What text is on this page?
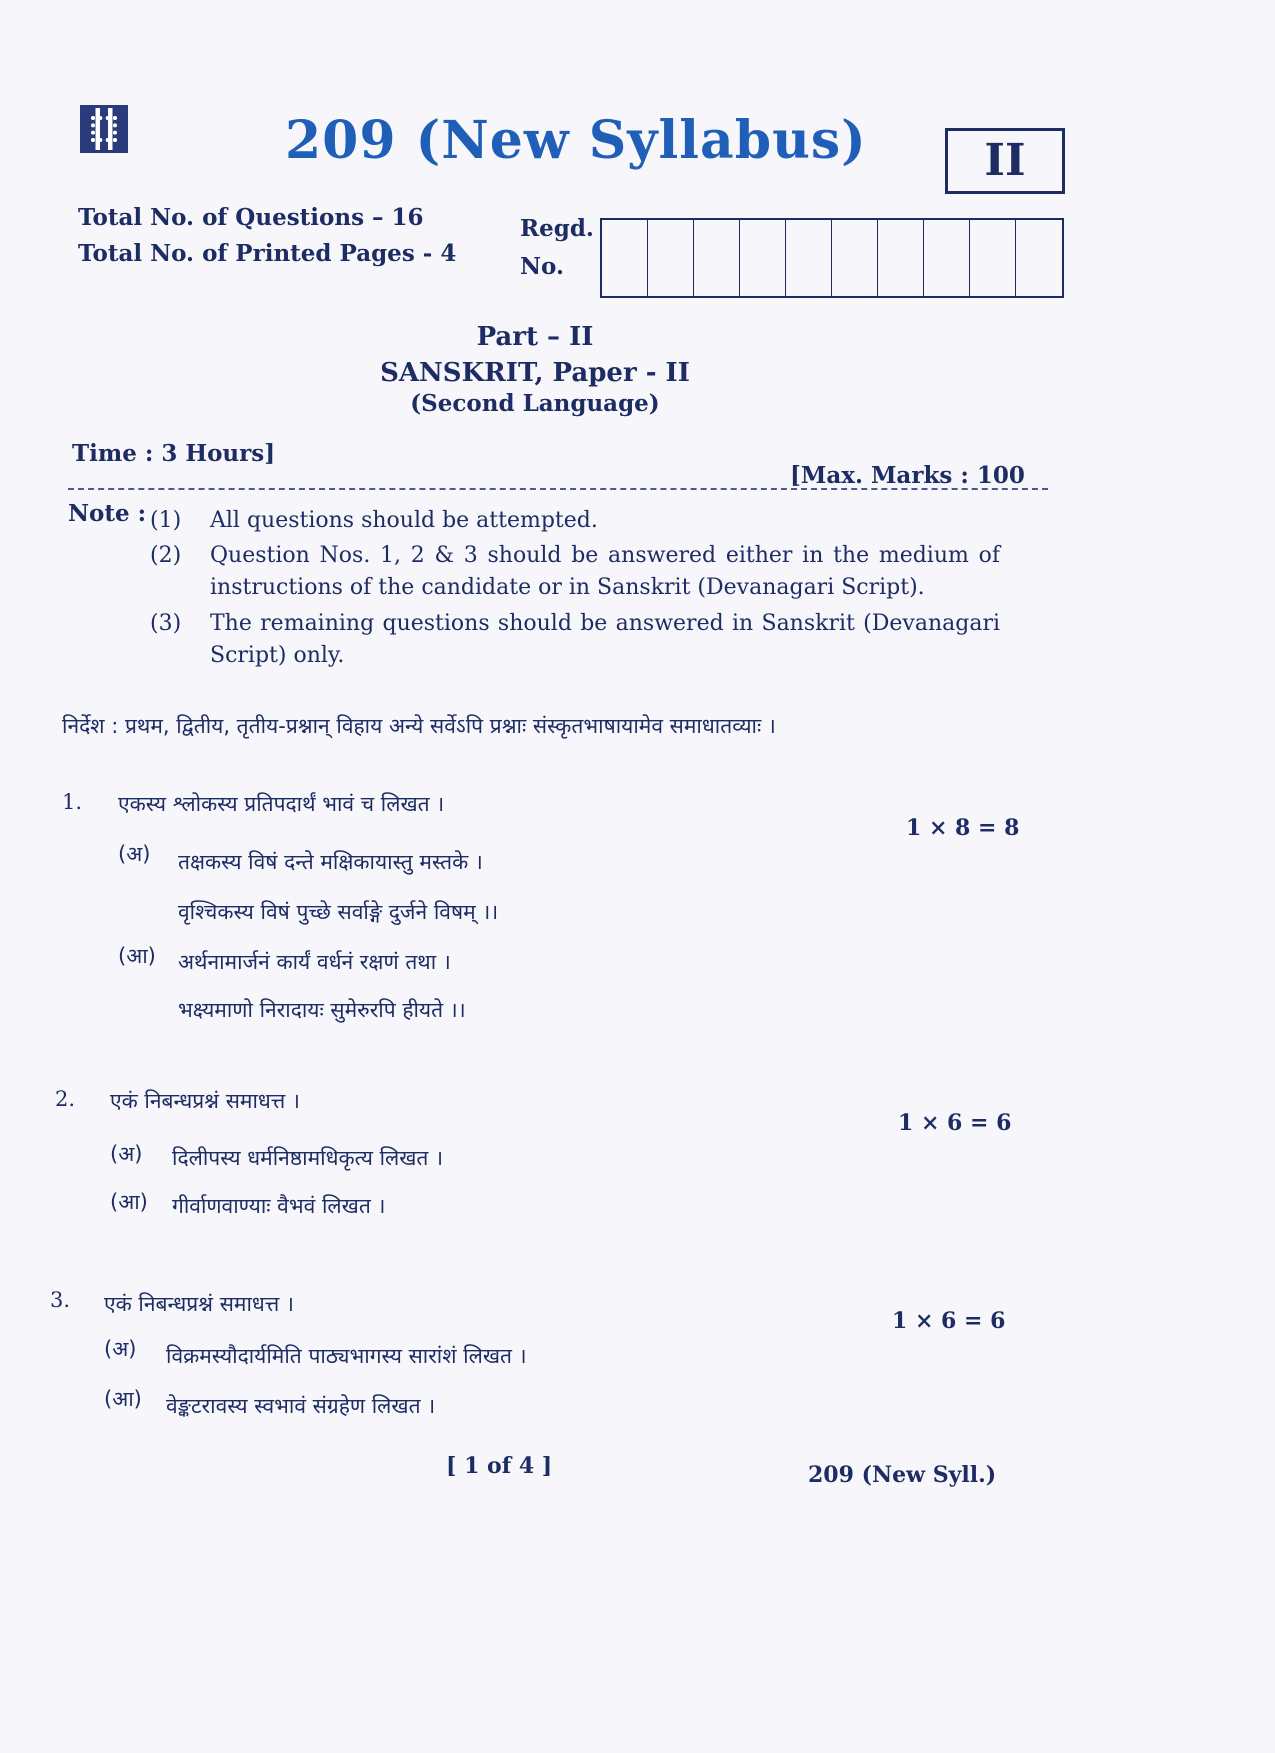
209 (New Syllabus)	II
Total No. of Questions – 16
Total No. of Printed Pages - 4
Regd.
No.
Part – II
SANSKRIT, Paper - II
(Second Language)
Time : 3 Hours]
[Max. Marks : 100
Note : (1) All questions should be attempted.
(2) Question Nos. 1, 2 & 3 should be answered either in the medium of instructions of the candidate or in Sanskrit (Devanagari Script).
(3) The remaining questions should be answered in Sanskrit (Devanagari Script) only.
निर्देश : प्रथम, द्वितीय, तृतीय-प्रश्नान् विहाय अन्ये सर्वेऽपि प्रश्नाः संस्कृतभाषायामेव समाधातव्याः ।
1. एकस्य श्लोकस्य प्रतिपदार्थं भावं च लिखत ।
1 × 8 = 8
(अ) तक्षकस्य विषं दन्ते मक्षिकायास्तु मस्तके ।
वृश्चिकस्य विषं पुच्छे सर्वाङ्गे दुर्जने विषम् ।।
(आ) अर्थनामार्जनं कार्यं वर्धनं रक्षणं तथा ।
भक्ष्यमाणो निरादायः सुमेरुरपि हीयते ।।
2. एकं निबन्धप्रश्नं समाधत्त ।
1 × 6 = 6
(अ) दिलीपस्य धर्मनिष्ठामधिकृत्य लिखत ।
(आ) गीर्वाणवाण्याः वैभवं लिखत ।
3. एकं निबन्धप्रश्नं समाधत्त ।
1 × 6 = 6
(अ) विक्रमस्यौदार्यमिति पाठ्यभागस्य सारांशं लिखत ।
(आ) वेङ्कटरावस्य स्वभावं संग्रहेण लिखत ।
[ 1 of 4 ]	209 (New Syll.)
